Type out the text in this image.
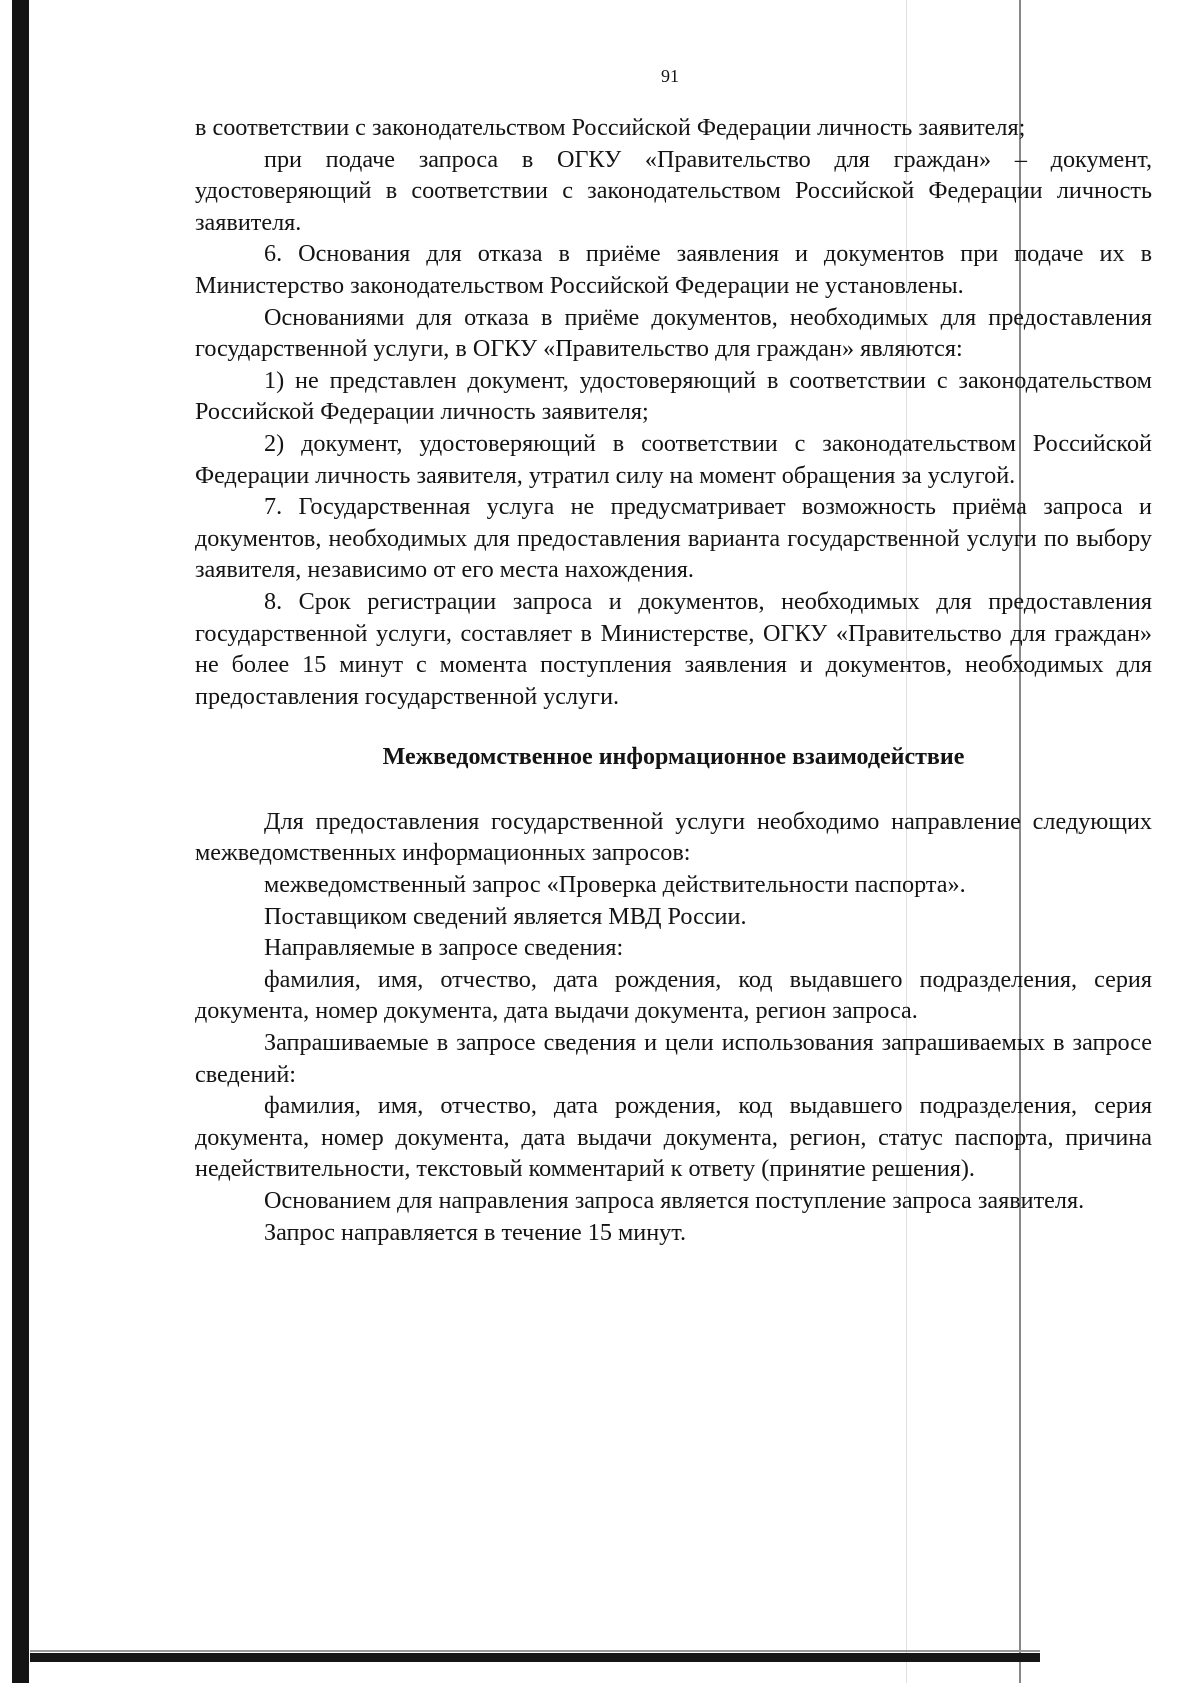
91

в соответствии с законодательством Российской Федерации личность заявителя;

при подаче запроса в ОГКУ «Правительство для граждан» – документ, удостоверяющий в соответствии с законодательством Российской Федерации личность заявителя.

6. Основания для отказа в приёме заявления и документов при подаче их в Министерство законодательством Российской Федерации не установлены.

Основаниями для отказа в приёме документов, необходимых для предоставления государственной услуги, в ОГКУ «Правительство для граждан» являются:

1) не представлен документ, удостоверяющий в соответствии с законодательством Российской Федерации личность заявителя;

2) документ, удостоверяющий в соответствии с законодательством Российской Федерации личность заявителя, утратил силу на момент обращения за услугой.

7. Государственная услуга не предусматривает возможность приёма запроса и документов, необходимых для предоставления варианта государственной услуги по выбору заявителя, независимо от его места нахождения.

8. Срок регистрации запроса и документов, необходимых для предоставления государственной услуги, составляет в Министерстве, ОГКУ «Правительство для граждан» не более 15 минут с момента поступления заявления и документов, необходимых для предоставления государственной услуги.

Межведомственное информационное взаимодействие

Для предоставления государственной услуги необходимо направление следующих межведомственных информационных запросов:

межведомственный запрос «Проверка действительности паспорта».

Поставщиком сведений является МВД России.

Направляемые в запросе сведения:

фамилия, имя, отчество, дата рождения, код выдавшего подразделения, серия документа, номер документа, дата выдачи документа, регион запроса.

Запрашиваемые в запросе сведения и цели использования запрашиваемых в запросе сведений:

фамилия, имя, отчество, дата рождения, код выдавшего подразделения, серия документа, номер документа, дата выдачи документа, регион, статус паспорта, причина недействительности, текстовый комментарий к ответу (принятие решения).

Основанием для направления запроса является поступление запроса заявителя.

Запрос направляется в течение 15 минут.
